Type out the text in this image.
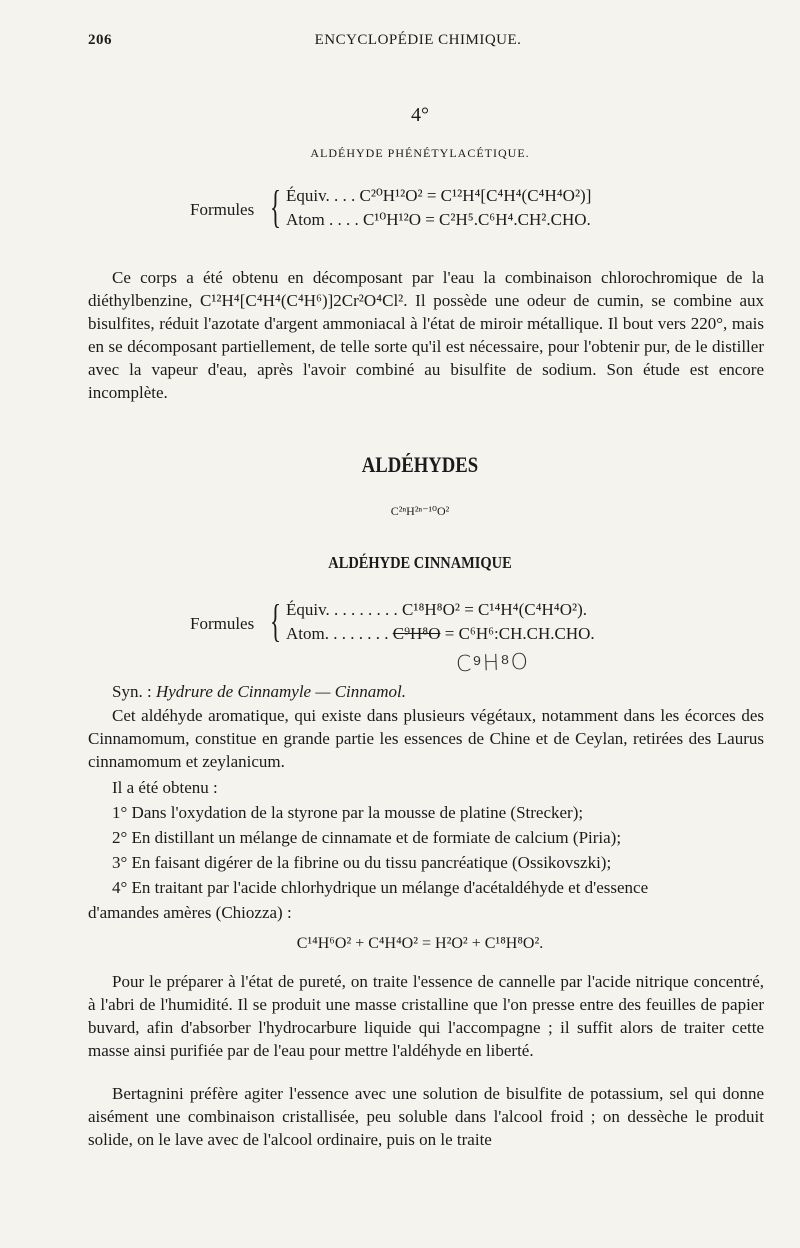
206	ENCYCLOPÉDIE CHIMIQUE.
4°
ALDÉHYDE PHÉNÉTYLACÉTIQUE.
Formules { Équiv. . . . C²⁰H¹²O² = C¹²H⁴[C⁴H⁴(C⁴H⁴O²)]
Atom . . . . C¹⁰H¹²O = C²H⁵.C⁶H⁴.CH².CHO.

Ce corps a été obtenu en décomposant par l'eau la combinaison chlorochromique de la diéthylbenzine, C¹²H⁴[C⁴H⁴(C⁴H⁶)]2Cr²O⁴Cl². Il possède une odeur de cumin, se combine aux bisulfites, réduit l'azotate d'argent ammoniacal à l'état de miroir métallique. Il bout vers 220°, mais en se décomposant partiellement, de telle sorte qu'il est nécessaire, pour l'obtenir pur, de le distiller avec la vapeur d'eau, après l'avoir combiné au bisulfite de sodium. Son étude est encore incomplète.

ALDÉHYDES
C²ⁿH²ⁿ⁻¹⁰O²
ALDÉHYDE CINNAMIQUE
Formules { Équiv. . . . . . . . . C¹⁸H⁸O² = C¹⁴H⁴(C⁴H⁴O²).
Atom. . . . . . . . C⁹H⁸O = C⁶H⁶:CH.CH.CHO.
C⁹H⁸O
Syn. : Hydrure de Cinnamyle — Cinnamol.

Cet aldéhyde aromatique, qui existe dans plusieurs végétaux, notamment dans les écorces des Cinnamomum, constitue en grande partie les essences de Chine et de Ceylan, retirées des Laurus cinnamomum et zeylanicum.

Il a été obtenu :
1° Dans l'oxydation de la styrone par la mousse de platine (Strecker);
2° En distillant un mélange de cinnamate et de formiate de calcium (Piria);
3° En faisant digérer de la fibrine ou du tissu pancréatique (Ossikovszki);
4° En traitant par l'acide chlorhydrique un mélange d'acétaldéhyde et d'essence
d'amandes amères (Chiozza) :
C¹⁴H⁶O² + C⁴H⁴O² = H²O² + C¹⁸H⁸O².

Pour le préparer à l'état de pureté, on traite l'essence de cannelle par l'acide nitrique concentré, à l'abri de l'humidité. Il se produit une masse cristalline que l'on presse entre des feuilles de papier buvard, afin d'absorber l'hydrocarbure liquide qui l'accompagne ; il suffit alors de traiter cette masse ainsi purifiée par de l'eau pour mettre l'aldéhyde en liberté.

Bertagnini préfère agiter l'essence avec une solution de bisulfite de potassium, sel qui donne aisément une combinaison cristallisée, peu soluble dans l'alcool froid ; on dessèche le produit solide, on le lave avec de l'alcool ordinaire, puis on le traite
